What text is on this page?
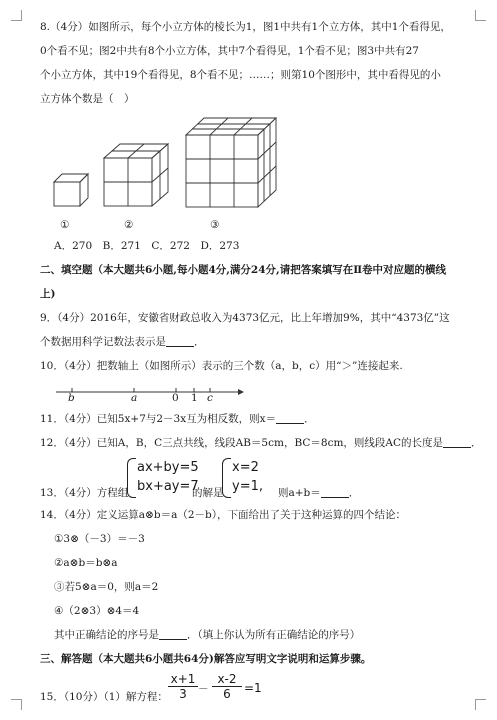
8.（4分）如图所示，每个小立方体的棱长为1，图1中共有1个立方体，其中1个看得见，
0个看不见；图2中共有8个小立方体，其中7个看得见，1个看不见；图3中共有27
个小立方体，其中19个看得见，8个看不见；……；则第10个图形中，其中看得见的小
立方体个数是（　）
①	②	③
A．270　B．271　C．272　D．273
二、填空题（本大题共6小题,每小题4分,满分24分,请把答案填写在Ⅱ卷中对应题的横线
上)
9．（4分）2016年，安徽省财政总收入为4373亿元，比上年增加9%，其中“4373亿”这
个数据用科学记数法表示是	．
10．（4分）把数轴上（如图所示）表示的三个数（a，b，c）用“＞”连接起来.
b	a	0 1 c
11．（4分）已知5x+7与2－3x互为相反数，则x＝	．
12．（4分）已知A，B，C三点共线，线段AB＝5cm，BC＝8cm，则线段AC的长度是	．
13．（4分）方程组
ax+by=5
bx+ay=7
的解是
x=2
y=1, 则a+b＝	．
14．（4分）定义运算a⊗b＝a（2－b），下面给出了关于这种运算的四个结论：
①3⊗（－3）＝－3
②a⊗b＝b⊗a
③若5⊗a＝0，则a＝2
④（2⊗3）⊗4＝4
其中正确结论的序号是	．（填上你认为所有正确结论的序号）
三、解答题（本大题共6小题共64分)解答应写明文字说明和运算步骤。
15．（10分）（1）解方程： $\frac{x+1}{3} - \frac{x-2}{6} =1$
